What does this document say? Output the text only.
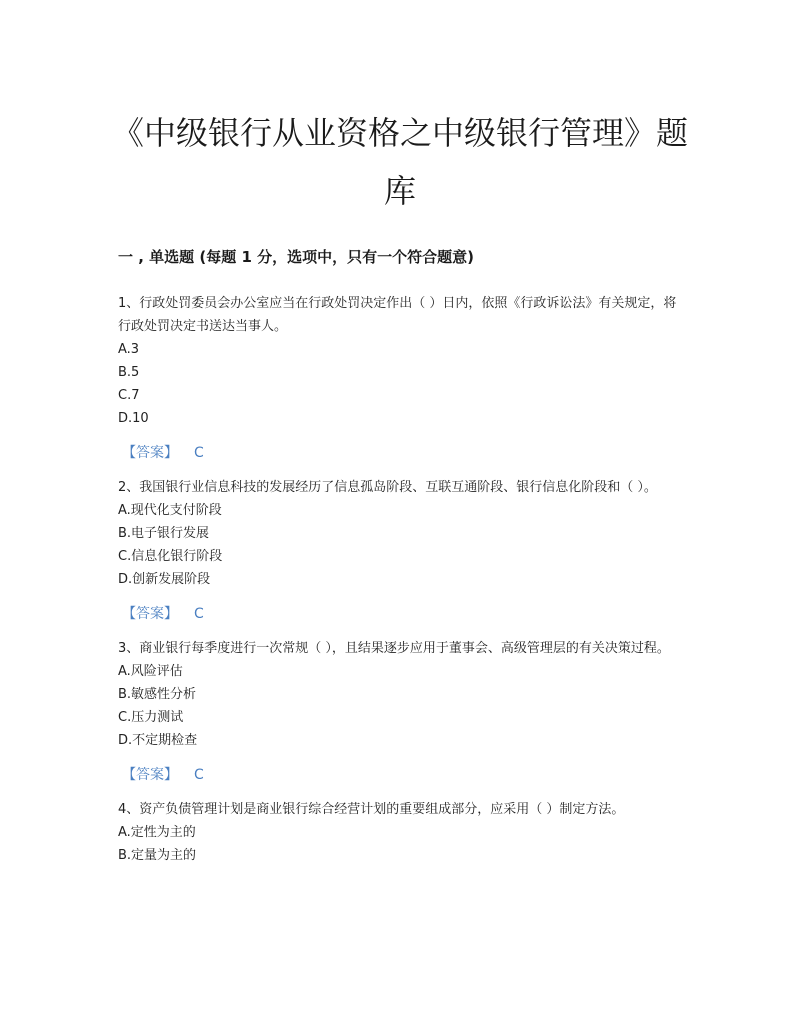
《中级银行从业资格之中级银行管理》题库
一 , 单选题 (每题 1 分，选项中，只有一个符合题意)

1、行政处罚委员会办公室应当在行政处罚决定作出（ ）日内，依照《行政诉讼法》有关规定，将行政处罚决定书送达当事人。

A.3

B.5

C.7

D.10

【答案】 C

2、我国银行业信息科技的发展经历了信息孤岛阶段、互联互通阶段、银行信息化阶段和（ ）。

A.现代化支付阶段

B.电子银行发展

C.信息化银行阶段

D.创新发展阶段

【答案】 C

3、商业银行每季度进行一次常规（ ），且结果逐步应用于董事会、高级管理层的有关决策过程。

A.风险评估

B.敏感性分析

C.压力测试

D.不定期检查

【答案】 C

4、资产负债管理计划是商业银行综合经营计划的重要组成部分，应采用（ ）制定方法。

A.定性为主的

B.定量为主的
